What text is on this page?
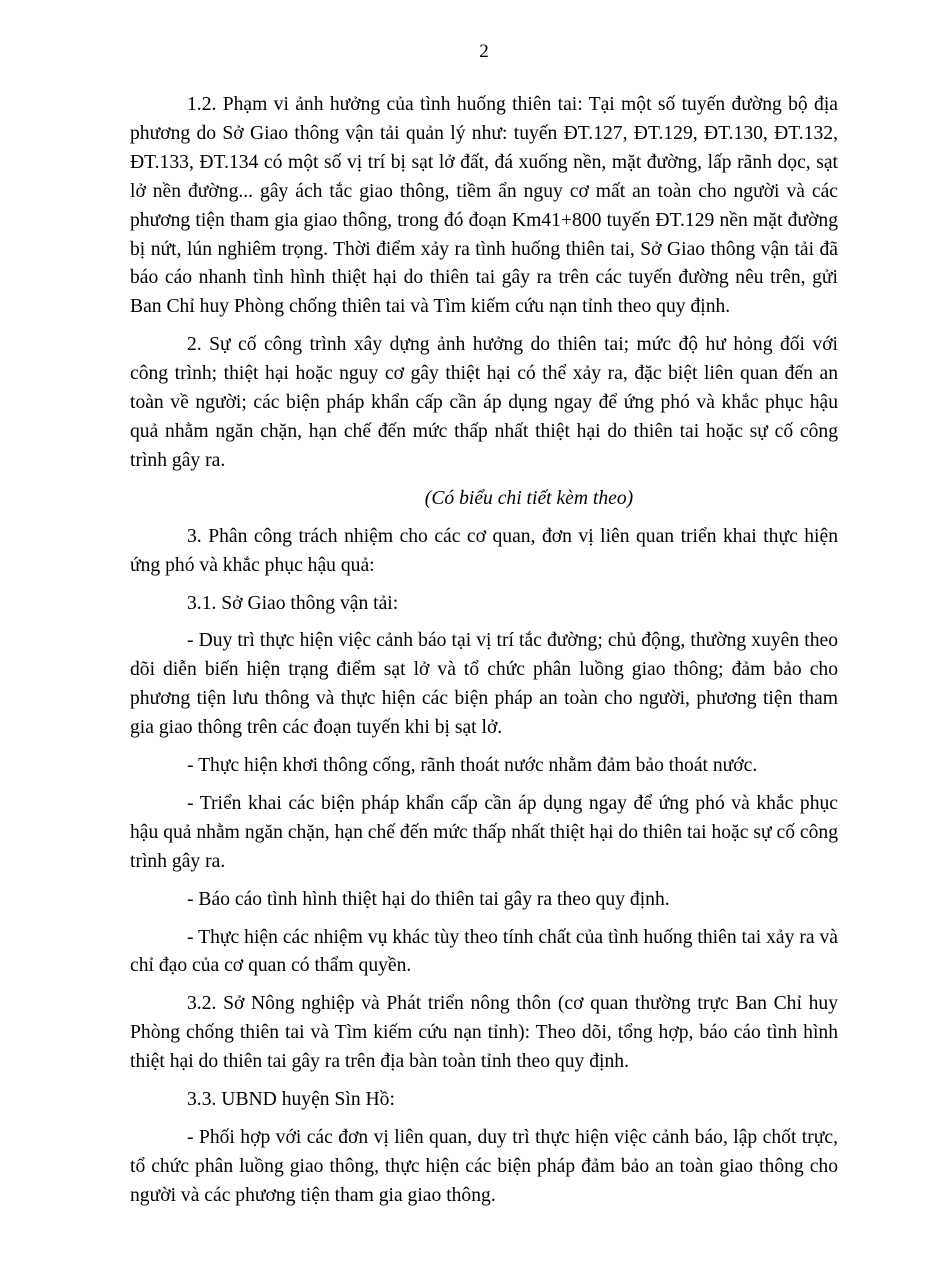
2

1.2. Phạm vi ảnh hưởng của tình huống thiên tai: Tại một số tuyến đường bộ địa phương do Sở Giao thông vận tải quản lý như: tuyến ĐT.127, ĐT.129, ĐT.130, ĐT.132, ĐT.133, ĐT.134 có một số vị trí bị sạt lở đất, đá xuống nền, mặt đường, lấp rãnh dọc, sạt lở nền đường... gây ách tắc giao thông, tiềm ẩn nguy cơ mất an toàn cho người và các phương tiện tham gia giao thông, trong đó đoạn Km41+800 tuyến ĐT.129 nền mặt đường bị nứt, lún nghiêm trọng. Thời điểm xảy ra tình huống thiên tai, Sở Giao thông vận tải đã báo cáo nhanh tình hình thiệt hại do thiên tai gây ra trên các tuyến đường nêu trên, gửi Ban Chỉ huy Phòng chống thiên tai và Tìm kiếm cứu nạn tỉnh theo quy định.

2. Sự cố công trình xây dựng ảnh hưởng do thiên tai; mức độ hư hỏng đối với công trình; thiệt hại hoặc nguy cơ gây thiệt hại có thể xảy ra, đặc biệt liên quan đến an toàn về người; các biện pháp khẩn cấp cần áp dụng ngay để ứng phó và khắc phục hậu quả nhằm ngăn chặn, hạn chế đến mức thấp nhất thiệt hại do thiên tai hoặc sự cố công trình gây ra.

(Có biểu chi tiết kèm theo)

3. Phân công trách nhiệm cho các cơ quan, đơn vị liên quan triển khai thực hiện ứng phó và khắc phục hậu quả:

3.1. Sở Giao thông vận tải:

- Duy trì thực hiện việc cảnh báo tại vị trí tắc đường; chủ động, thường xuyên theo dõi diễn biến hiện trạng điểm sạt lở và tổ chức phân luồng giao thông; đảm bảo cho phương tiện lưu thông và thực hiện các biện pháp an toàn cho người, phương tiện tham gia giao thông trên các đoạn tuyến khi bị sạt lở.

- Thực hiện khơi thông cống, rãnh thoát nước nhằm đảm bảo thoát nước.

- Triển khai các biện pháp khẩn cấp cần áp dụng ngay để ứng phó và khắc phục hậu quả nhằm ngăn chặn, hạn chế đến mức thấp nhất thiệt hại do thiên tai hoặc sự cố công trình gây ra.

- Báo cáo tình hình thiệt hại do thiên tai gây ra theo quy định.

- Thực hiện các nhiệm vụ khác tùy theo tính chất của tình huống thiên tai xảy ra và chỉ đạo của cơ quan có thẩm quyền.

3.2. Sở Nông nghiệp và Phát triển nông thôn (cơ quan thường trực Ban Chỉ huy Phòng chống thiên tai và Tìm kiếm cứu nạn tỉnh): Theo dõi, tổng hợp, báo cáo tình hình thiệt hại do thiên tai gây ra trên địa bàn toàn tỉnh theo quy định.

3.3. UBND huyện Sìn Hồ:

- Phối hợp với các đơn vị liên quan, duy trì thực hiện việc cảnh báo, lập chốt trực, tổ chức phân luồng giao thông, thực hiện các biện pháp đảm bảo an toàn giao thông cho người và các phương tiện tham gia giao thông.
